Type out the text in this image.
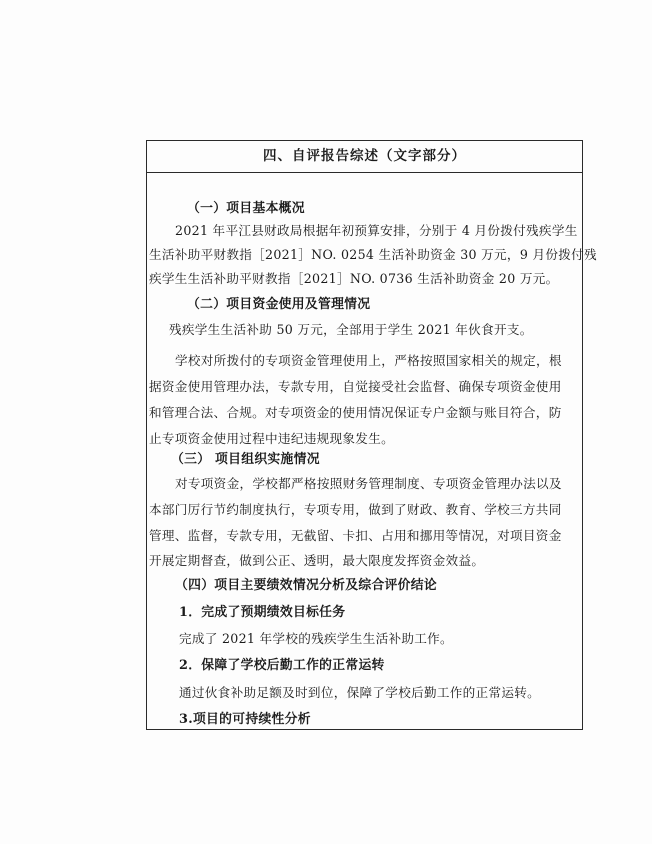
四、自评报告综述（文字部分）
（一）项目基本概况
2021 年平江县财政局根据年初预算安排，分别于 4 月份拨付残疾学生
生活补助平财教指［2021］NO. 0254 生活补助资金 30 万元，9 月份拨付残
疾学生生活补助平财教指［2021］NO. 0736 生活补助资金 20 万元。
（二）项目资金使用及管理情况
残疾学生生活补助 50 万元，全部用于学生 2021 年伙食开支。
学校对所拨付的专项资金管理使用上，严格按照国家相关的规定，根
据资金使用管理办法，专款专用，自觉接受社会监督、确保专项资金使用
和管理合法、合规。对专项资金的使用情况保证专户金额与账目符合，防
止专项资金使用过程中违纪违规现象发生。
（三） 项目组织实施情况
对专项资金，学校都严格按照财务管理制度、专项资金管理办法以及
本部门厉行节约制度执行，专项专用，做到了财政、教育、学校三方共同
管理、监督，专款专用，无截留、卡扣、占用和挪用等情况，对项目资金
开展定期督查，做到公正、透明，最大限度发挥资金效益。
（四）项目主要绩效情况分析及综合评价结论
1．完成了预期绩效目标任务
完成了 2021 年学校的残疾学生生活补助工作。
2．保障了学校后勤工作的正常运转
通过伙食补助足额及时到位，保障了学校后勤工作的正常运转。
3.项目的可持续性分析
